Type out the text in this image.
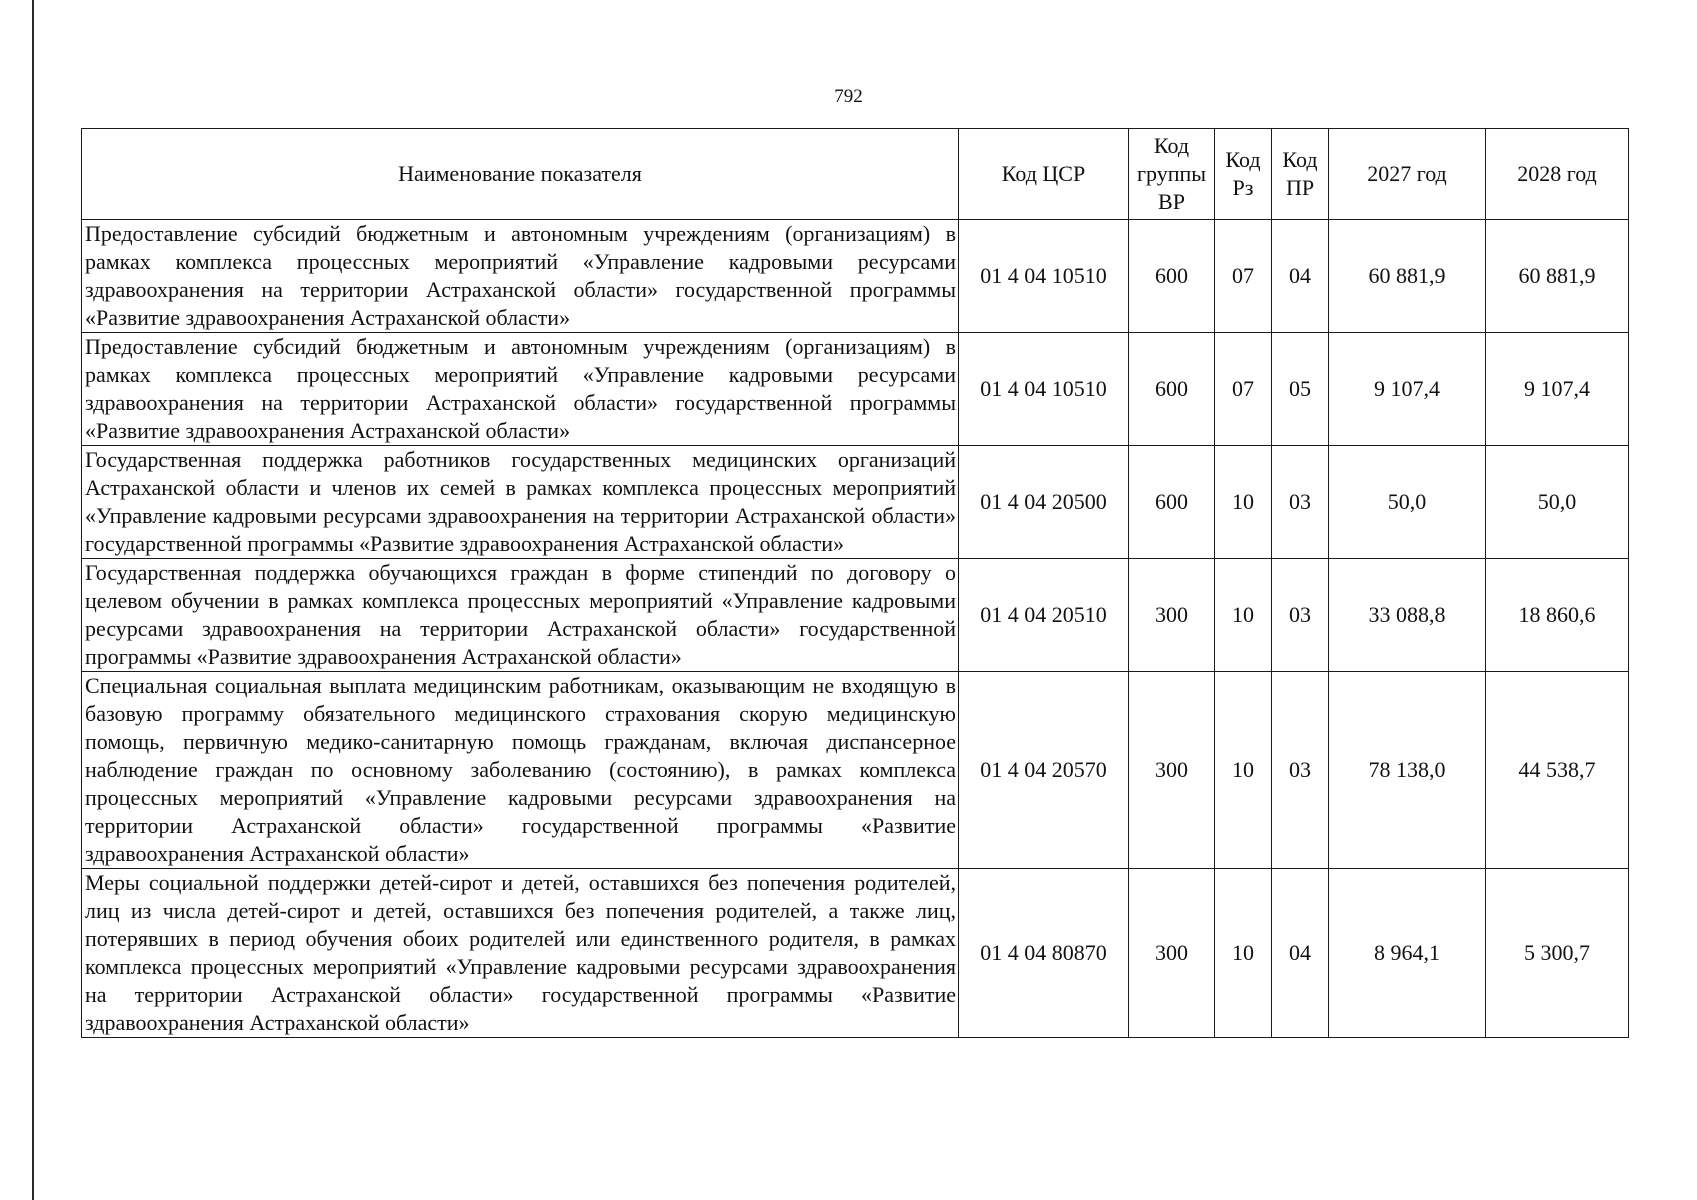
792
Наименование показателя	Код ЦСР	Код группы ВР	Код Рз	Код ПР	2027 год	2028 год
Предоставление субсидий бюджетным и автономным учреждениям (организациям) в рамках комплекса процессных мероприятий «Управление кадровыми ресурсами здравоохранения на территории Астраханской области» государственной программы «Развитие здравоохранения Астраханской области»	01 4 04 10510	600	07	04	60 881,9	60 881,9
Предоставление субсидий бюджетным и автономным учреждениям (организациям) в рамках комплекса процессных мероприятий «Управление кадровыми ресурсами здравоохранения на территории Астраханской области» государственной программы «Развитие здравоохранения Астраханской области»	01 4 04 10510	600	07	05	9 107,4	9 107,4
Государственная поддержка работников государственных медицинских организаций Астраханской области и членов их семей в рамках комплекса процессных мероприятий «Управление кадровыми ресурсами здравоохранения на территории Астраханской области» государственной программы «Развитие здравоохранения Астраханской области»	01 4 04 20500	600	10	03	50,0	50,0
Государственная поддержка обучающихся граждан в форме стипендий по договору о целевом обучении в рамках комплекса процессных мероприятий «Управление кадровыми ресурсами здравоохранения на территории Астраханской области» государственной программы «Развитие здравоохранения Астраханской области»	01 4 04 20510	300	10	03	33 088,8	18 860,6
Специальная социальная выплата медицинским работникам, оказывающим не входящую в базовую программу обязательного медицинского страхования скорую медицинскую помощь, первичную медико-санитарную помощь гражданам, включая диспансерное наблюдение граждан по основному заболеванию (состоянию), в рамках комплекса процессных мероприятий «Управление кадровыми ресурсами здравоохранения на территории Астраханской области» государственной программы «Развитие здравоохранения Астраханской области»	01 4 04 20570	300	10	03	78 138,0	44 538,7
Меры социальной поддержки детей-сирот и детей, оставшихся без попечения родителей, лиц из числа детей-сирот и детей, оставшихся без попечения родителей, а также лиц, потерявших в период обучения обоих родителей или единственного родителя, в рамках комплекса процессных мероприятий «Управление кадровыми ресурсами здравоохранения на территории Астраханской области» государственной программы «Развитие здравоохранения Астраханской области»	01 4 04 80870	300	10	04	8 964,1	5 300,7
